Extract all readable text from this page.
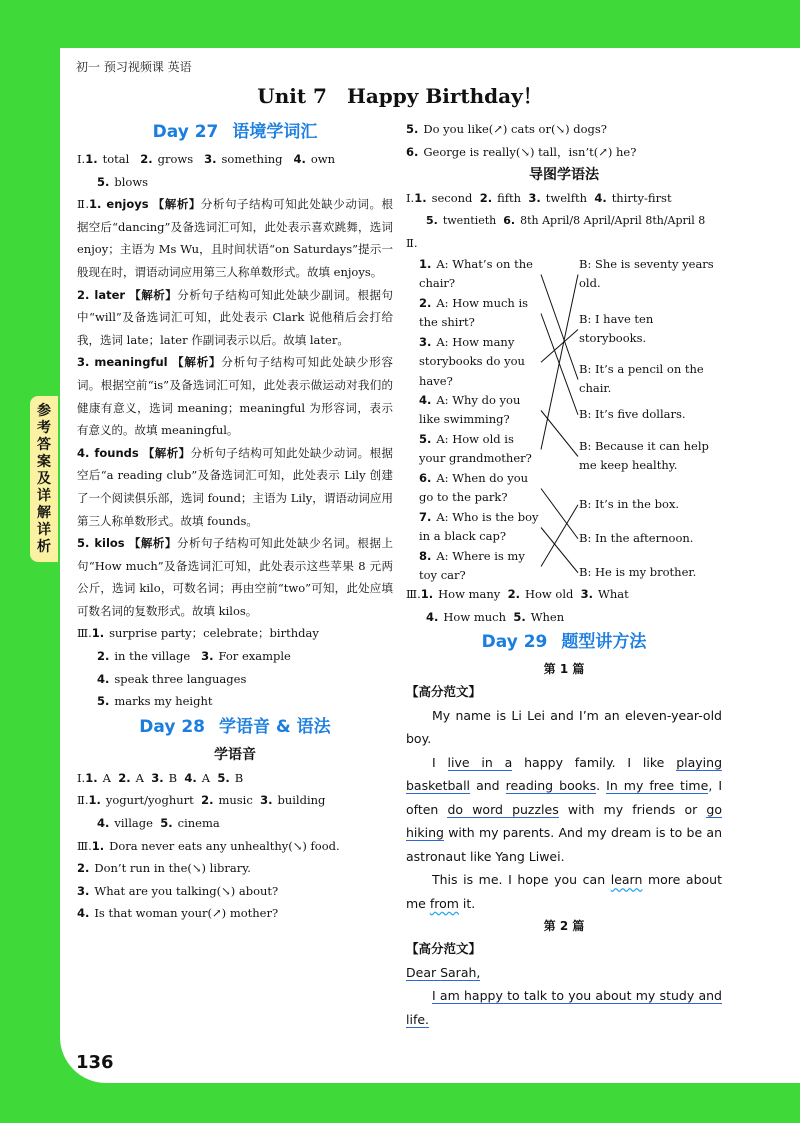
初一 预习视频课 英语
Unit 7　Happy Birthday！
参
考
答
案
及
详
解
详
析
Day 27 语境学词汇
Ⅰ.1. total 2. grows 3. something 4. own
5. blows
Ⅱ.1. enjoys 【解析】分析句子结构可知此处缺少动词。根据空后“dancing”及备选词汇可知，此处表示喜欢跳舞，选词 enjoy；主语为 Ms Wu，且时间状语“on Saturdays”提示一般现在时，谓语动词应用第三人称单数形式。故填 enjoys。
2. later 【解析】分析句子结构可知此处缺少副词。根据句中“will”及备选词汇可知，此处表示 Clark 说他稍后会打给我，选词 late；later 作副词表示以后。故填 later。
3. meaningful 【解析】分析句子结构可知此处缺少形容词。根据空前“is”及备选词汇可知，此处表示做运动对我们的健康有意义，选词 meaning；meaningful 为形容词，表示有意义的。故填 meaningful。
4. founds 【解析】分析句子结构可知此处缺少动词。根据空后“a reading club”及备选词汇可知，此处表示 Lily 创建了一个阅读俱乐部，选词 found；主语为 Lily，谓语动词应用第三人称单数形式。故填 founds。
5. kilos 【解析】分析句子结构可知此处缺少名词。根据上句“How much”及备选词汇可知，此处表示这些苹果 8 元两公斤，选词 kilo，可数名词；再由空前“two”可知，此处应填可数名词的复数形式。故填 kilos。
Ⅲ.1. surprise party；celebrate；birthday
2. in the village 3. For example
4. speak three languages
5. marks my height
Day 28 学语音 & 语法
学语音
Ⅰ.1. A 2. A 3. B 4. A 5. B
Ⅱ.1. yogurt/yoghurt 2. music 3. building
4. village 5. cinema
Ⅲ.1. Dora never eats any unhealthy(↘) food.
2. Don’t run in the(↘) library.
3. What are you talking(↘) about?
4. Is that woman your(↗) mother?
5. Do you like(↗) cats or(↘) dogs?
6. George is really(↘) tall，isn’t(↗) he?
导图学语法
Ⅰ.1. second 2. fifth 3. twelfth 4. thirty-first
5. twentieth 6. 8th April/8 April/April 8th/April 8
Ⅱ.
1. A: What’s on the chair?
2. A: How much is the shirt?
3. A: How many storybooks do you have?
4. A: Why do you like swimming?
5. A: How old is your grandmother?
6. A: When do you go to the park?
7. A: Who is the boy in a black cap?
8. A: Where is my toy car?
B: She is seventy years old.
B: I have ten storybooks.
B: It’s a pencil on the chair.
B: It’s five dollars.
B: Because it can help me keep healthy.
B: It’s in the box.
B: In the afternoon.
B: He is my brother.
Ⅲ.1. How many 2. How old 3. What
4. How much 5. When
Day 29 题型讲方法
第 1 篇

【高分范文】

My name is Li Lei and I’m an eleven-year-old boy.

I live in a happy family. I like playing basketball and reading books. In my free time, I often do word puzzles with my friends or go hiking with my parents. And my dream is to be an astronaut like Yang Liwei.

This is me. I hope you can learn more about me from it.

第 2 篇

【高分范文】

Dear Sarah,

I am happy to talk to you about my study and life.

136
